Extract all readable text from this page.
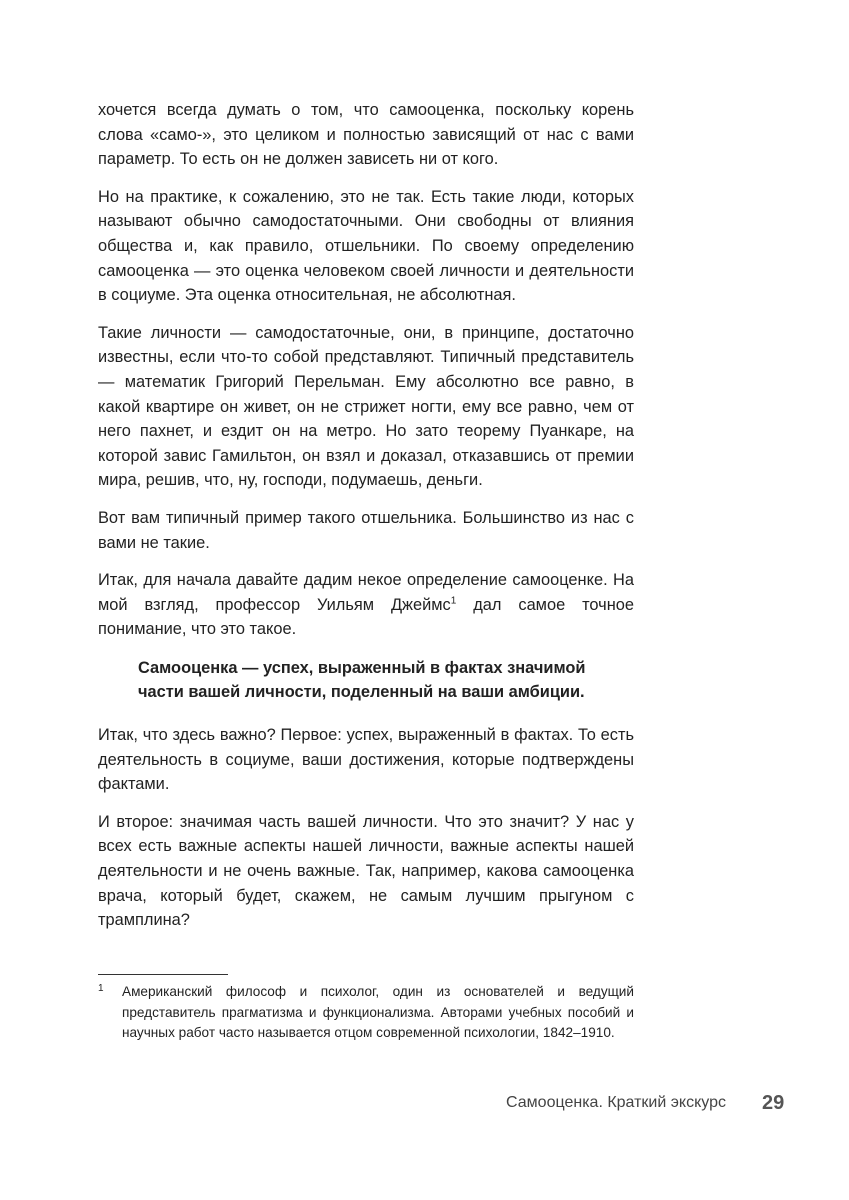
хочется всегда думать о том, что самооценка, поскольку корень слова «само-», это целиком и полностью зависящий от нас с вами параметр. То есть он не должен зависеть ни от кого.

Но на практике, к сожалению, это не так. Есть такие люди, которых называют обычно самодостаточными. Они свободны от влияния общества и, как правило, отшельники. По своему определению самооценка — это оценка человеком своей личности и деятельности в социуме. Эта оценка относительная, не абсолютная.

Такие личности — самодостаточные, они, в принципе, достаточно известны, если что-то собой представляют. Типичный представитель — математик Григорий Перельман. Ему абсолютно все равно, в какой квартире он живет, он не стрижет ногти, ему все равно, чем от него пахнет, и ездит он на метро. Но зато теорему Пуанкаре, на которой завис Гамильтон, он взял и доказал, отказавшись от премии мира, решив, что, ну, господи, подумаешь, деньги.

Вот вам типичный пример такого отшельника. Большинство из нас с вами не такие.

Итак, для начала давайте дадим некое определение самооценке. На мой взгляд, профессор Уильям Джеймс$^1$ дал самое точное понимание, что это такое.

Самооценка — успех, выраженный в фактах значимой части вашей личности, поделенный на ваши амбиции.

Итак, что здесь важно? Первое: успех, выраженный в фактах. То есть деятельность в социуме, ваши достижения, которые подтверждены фактами.

И второе: значимая часть вашей личности. Что это значит? У нас у всех есть важные аспекты нашей личности, важные аспекты нашей деятельности и не очень важные. Так, например, какова самооценка врача, который будет, скажем, не самым лучшим прыгуном с трамплина?

1	Американский философ и психолог, один из основателей и ведущий представитель прагматизма и функционализма. Авторами учебных пособий и научных работ часто называется отцом современной психологии, 1842–1910.
Самооценка. Краткий экскурс 29
